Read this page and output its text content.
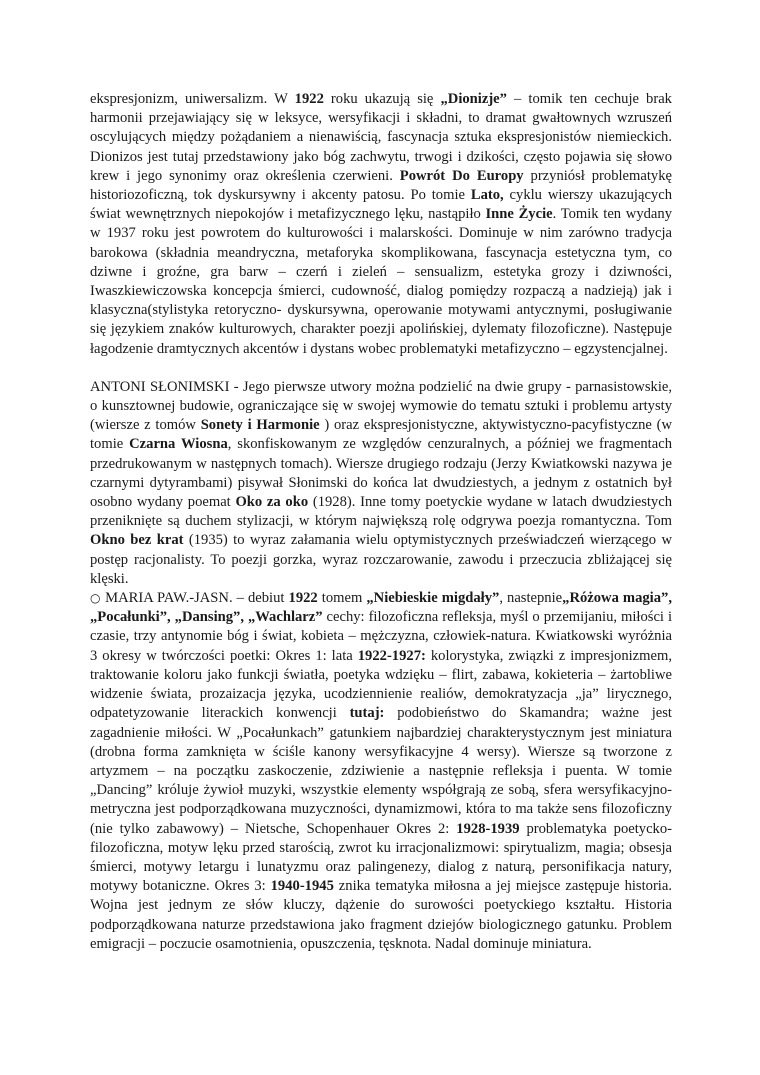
ekspresjonizm, uniwersalizm. W 1922 roku ukazują się „Dionizje” – tomik ten cechuje brak harmonii przejawiający się w leksyce, wersyfikacji i składni, to dramat gwałtownych wzruszeń oscylujących między pożądaniem a nienawiścią, fascynacja sztuka ekspresjonistów niemieckich. Dionizos jest tutaj przedstawiony jako bóg zachwytu, trwogi i dzikości, często pojawia się słowo krew i jego synonimy oraz określenia czerwieni. Powrót Do Europy przyniósł problematykę historiozoficzną, tok dyskursywny i akcenty patosu. Po tomie Lato, cyklu wierszy ukazujących świat wewnętrznych niepokojów i metafizycznego lęku, nastąpiło Inne Życie. Tomik ten wydany w 1937 roku jest powrotem do kulturowości i malarskości. Dominuje w nim zarówno tradycja barokowa (składnia meandryczna, metaforyka skomplikowana, fascynacja estetyczna tym, co dziwne i groźne, gra barw – czerń i zieleń – sensualizm, estetyka grozy i dziwności, Iwaszkiewiczowska koncepcja śmierci, cudowność, dialog pomiędzy rozpaczą a nadzieją) jak i klasyczna(stylistyka retoryczno- dyskursywna, operowanie motywami antycznymi, posługiwanie się językiem znaków kulturowych, charakter poezji apolińskiej, dylematy filozoficzne). Następuje łagodzenie dramtycznych akcentów i dystans wobec problematyki metafizyczno – egzystencjalnej.

ANTONI SŁONIMSKI - Jego pierwsze utwory można podzielić na dwie grupy - parnasistowskie, o kunsztownej budowie, ograniczające się w swojej wymowie do tematu sztuki i problemu artysty (wiersze z tomów Sonety i Harmonie ) oraz ekspresjonistyczne, aktywistyczno-pacyfistyczne (w tomie Czarna Wiosna, skonfiskowanym ze względów cenzuralnych, a później we fragmentach przedrukowanym w następnych tomach). Wiersze drugiego rodzaju (Jerzy Kwiatkowski nazywa je czarnymi dytyrambami) pisywał Słonimski do końca lat dwudziestych, a jednym z ostatnich był osobno wydany poemat Oko za oko (1928). Inne tomy poetyckie wydane w latach dwudziestych przeniknięte są duchem stylizacji, w którym największą rolę odgrywa poezja romantyczna. Tom Okno bez krat (1935) to wyraz załamania wielu optymistycznych przeświadczeń wierzącego w postęp racjonalisty. To poezji gorzka, wyraz rozczarowanie, zawodu i przeczucia zbliżającej się klęski.

○ MARIA PAW.-JASN. – debiut 1922 tomem „Niebieskie migdały”, nastepnie„Różowa magia”, „Pocałunki”, „Dansing”, „Wachlarz” cechy: filozoficzna refleksja, myśl o przemijaniu, miłości i czasie, trzy antynomie bóg i świat, kobieta – mężczyzna, człowiek-natura. Kwiatkowski wyróżnia 3 okresy w twórczości poetki: Okres 1: lata 1922-1927: kolorystyka, związki z impresjonizmem, traktowanie koloru jako funkcji światła, poetyka wdzięku – flirt, zabawa, kokieteria – żartobliwe widzenie świata, prozaizacja języka, ucodziennienie realiów, demokratyzacja „ja” lirycznego, odpatetyzowanie literackich konwencji tutaj: podobieństwo do Skamandra; ważne jest zagadnienie miłości. W „Pocałunkach” gatunkiem najbardziej charakterystycznym jest miniatura (drobna forma zamknięta w ściśle kanony wersyfikacyjne 4 wersy). Wiersze są tworzone z artyzmem – na początku zaskoczenie, zdziwienie a następnie refleksja i puenta. W tomie „Dancing” króluje żywioł muzyki, wszystkie elementy współgrają ze sobą, sfera wersyfikacyjno-metryczna jest podporządkowana muzyczności, dynamizmowi, która to ma także sens filozoficzny (nie tylko zabawowy) – Nietsche, Schopenhauer Okres 2: 1928-1939 problematyka poetycko-filozoficzna, motyw lęku przed starością, zwrot ku irracjonalizmowi: spirytualizm, magia; obsesja śmierci, motywy letargu i lunatyzmu oraz palingenezy, dialog z naturą, personifikacja natury, motywy botaniczne. Okres 3: 1940-1945 znika tematyka miłosna a jej miejsce zastępuje historia. Wojna jest jednym ze słów kluczy, dążenie do surowości poetyckiego kształtu. Historia podporządkowana naturze przedstawiona jako fragment dziejów biologicznego gatunku. Problem emigracji – poczucie osamotnienia, opuszczenia, tęsknota. Nadal dominuje miniatura.
